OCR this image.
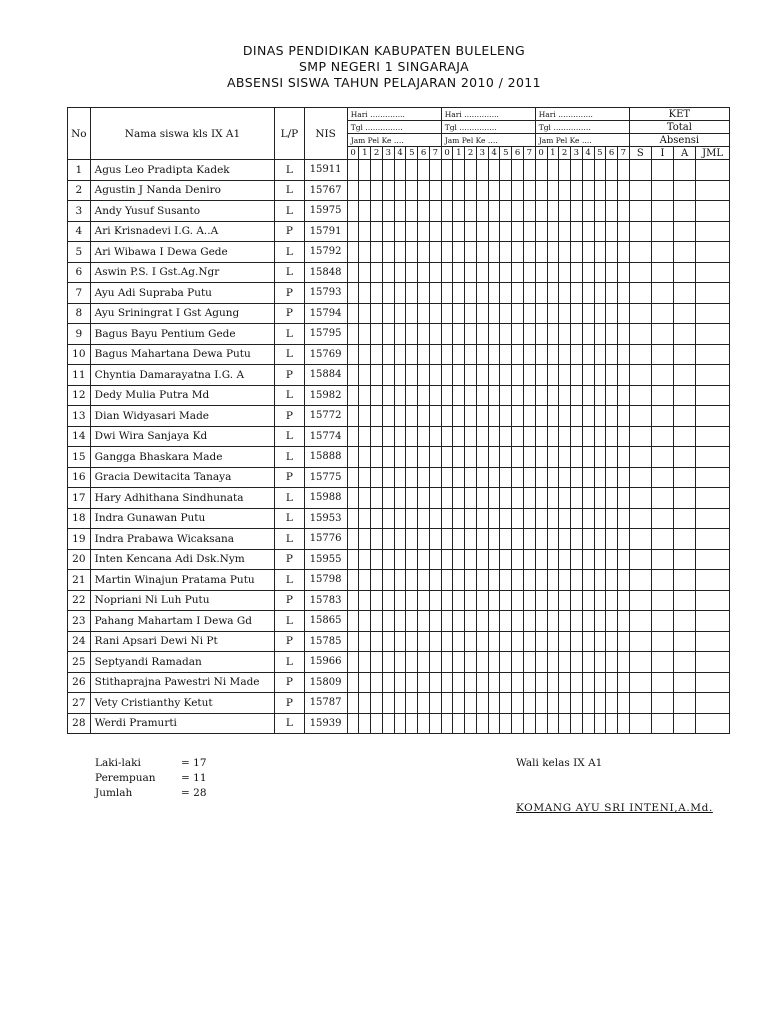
DINAS PENDIDIKAN KABUPATEN BULELENG
SMP NEGERI 1 SINGARAJA
ABSENSI SISWA TAHUN PELAJARAN 2010 / 2011
No	Nama siswa kls IX A1	L/P	NIS	Hari …………..								Hari …………..								Hari …………..								KET			
				Tgl ……………								Tgl ……………								Tgl ……………								Total			
				Jam Pel Ke ….								Jam Pel Ke ….								Jam Pel Ke ….								Absensi			
				0	1	2	3	4	5	6	7	0	1	2	3	4	5	6	7	0	1	2	3	4	5	6	7	S	I	A	JML
1	Agus Leo Pradipta Kadek	L	15911																												
2	Agustin J Nanda Deniro	L	15767																												
3	Andy Yusuf Susanto	L	15975																												
4	Ari Krisnadevi I.G. A..A	P	15791																												
5	Ari Wibawa I Dewa Gede	L	15792																												
6	Aswin P.S. I Gst.Ag.Ngr	L	15848																												
7	Ayu Adi Supraba Putu	P	15793																												
8	Ayu Sriningrat I Gst Agung	P	15794																												
9	Bagus Bayu Pentium Gede	L	15795																												
10	Bagus Mahartana Dewa Putu	L	15769																												
11	Chyntia Damarayatna I.G. A	P	15884																												
12	Dedy Mulia Putra Md	L	15982																												
13	Dian Widyasari Made	P	15772																												
14	Dwi Wira Sanjaya Kd	L	15774																												
15	Gangga Bhaskara Made	L	15888																												
16	Gracia Dewitacita Tanaya	P	15775																												
17	Hary Adhithana Sindhunata	L	15988																												
18	Indra Gunawan Putu	L	15953																												
19	Indra Prabawa Wicaksana	L	15776																												
20	Inten Kencana Adi Dsk.Nym	P	15955																												
21	Martin Winajun Pratama Putu	L	15798																												
22	Nopriani Ni Luh Putu	P	15783																												
23	Pahang Mahartam I Dewa Gd	L	15865																												
24	Rani Apsari Dewi Ni Pt	P	15785																												
25	Septyandi Ramadan	L	15966																												
26	Stithaprajna Pawestri Ni Made	P	15809																												
27	Vety Cristianthy Ketut	P	15787																												
28	Werdi Pramurti	L	15939																												
Laki-laki	= 17
Perempuan = 11
Jumlah	= 28
Wali kelas IX A1
KOMANG AYU SRI INTENI,A.Md.
